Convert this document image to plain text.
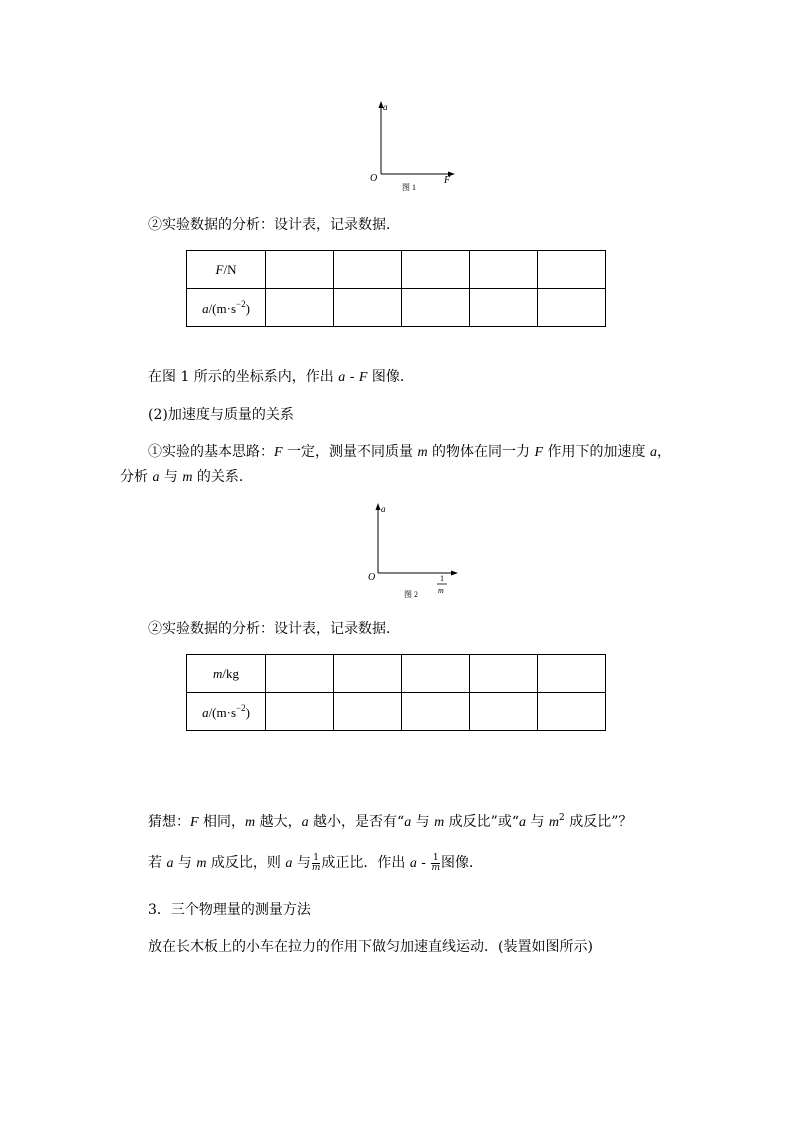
a
O	F
图 1
②实验数据的分析：设计表，记录数据．
F/N					
$a/(m\cdot s^{-2})$					
在图 1 所示的坐标系内，作出 a - F 图像．
(2)加速度与质量的关系
①实验的基本思路：F 一定，测量不同质量 m 的物体在同一力 F 作用下的加速度 a，
分析 a 与 m 的关系．
a
O	1
m
图 2
②实验数据的分析：设计表，记录数据．
m/kg					
$a/(m\cdot s^{-2})$					
猜想：F 相同，m 越大，a 越小，是否有“a 与 m 成反比”或“a 与 $m^2$ 成反比”？
若 a 与 m 成反比，则 a 与 $\frac{1}{m}$ 成正比．作出 a - $\frac{1}{m}$ 图像．
3．三个物理量的测量方法
放在长木板上的小车在拉力的作用下做匀加速直线运动．(装置如图所示)
